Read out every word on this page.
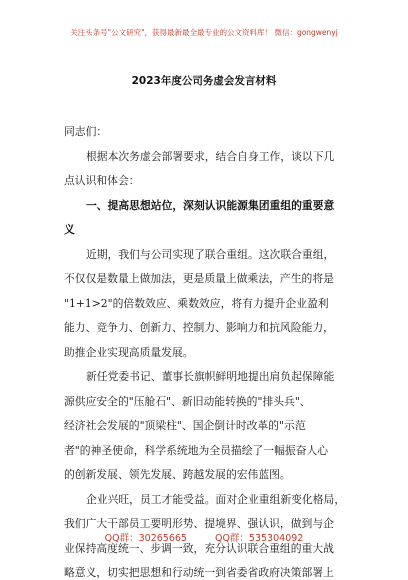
关注头条号"公文研究"，获得最新最全最专业的公文资料库！ 微信：gongwenyj
2023年度公司务虚会发言材料
同志们：
根据本次务虚会部署要求，结合自身工作，谈以下几
点认识和体会：
一、提高思想站位，深刻认识能源集团重组的重要意
义
近期，我们与公司实现了联合重组。这次联合重组，
不仅仅是数量上做加法，更是质量上做乘法，产生的将是
"1+1>2"的倍数效应、乘数效应，将有力提升企业盈利
能力、竞争力、创新力、控制力、影响力和抗风险能力，
助推企业实现高质量发展。
新任党委书记、董事长旗帜鲜明地提出肩负起保障能
源供应安全的"压舱石"、新旧动能转换的"排头兵"、
经济社会发展的"顶梁柱"、国企倒计时改革的"示范
者"的神圣使命，科学系统地为全员描绘了一幅振奋人心
的创新发展、领先发展、跨越发展的宏伟蓝图。
企业兴旺，员工才能受益。面对企业重组新变化格局，
我们广大干部员工要明形势、提境界、强认识，做到与企
业保持高度统一、步调一致，充分认识联合重组的重大战
略意义，切实把思想和行动统一到省委省政府决策部署上
QQ群：30265665	QQ群：535304092
